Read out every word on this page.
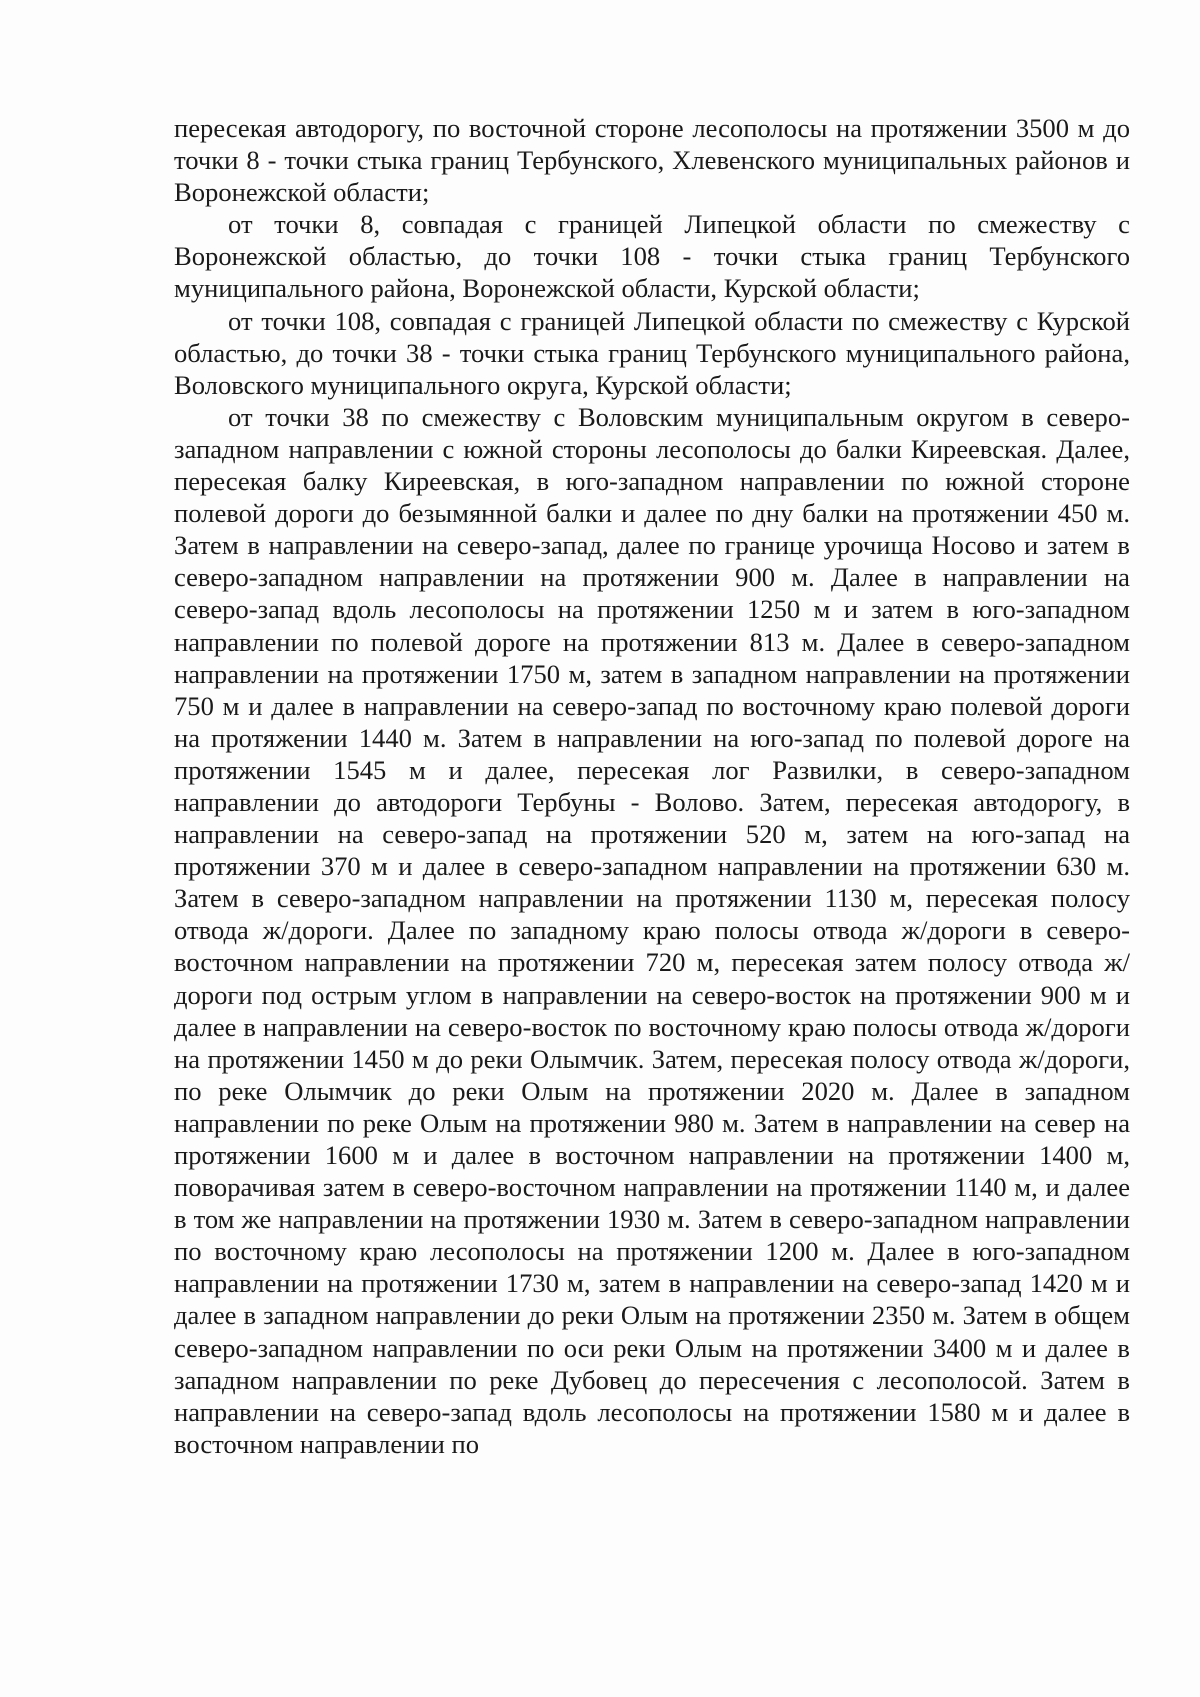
пересекая автодорогу, по восточной стороне лесополосы на протяжении 3500 м до точки 8 - точки стыка границ Тербунского, Хлевенского муниципальных районов и Воронежской области;

от точки 8, совпадая с границей Липецкой области по смежеству с Воронежской областью, до точки 108 - точки стыка границ Тербунского муниципального района, Воронежской области, Курской области;

от точки 108, совпадая с границей Липецкой области по смежеству с Курской областью, до точки 38 - точки стыка границ Тербунского муниципального района, Воловского муниципального округа, Курской области;

от точки 38 по смежеству с Воловским муниципальным округом в северо-западном направлении с южной стороны лесополосы до балки Киреевская. Далее, пересекая балку Киреевская, в юго-западном направлении по южной стороне полевой дороги до безымянной балки и далее по дну балки на протяжении 450 м. Затем в направлении на северо-запад, далее по границе урочища Носово и затем в северо-западном направлении на протяжении 900 м. Далее в направлении на северо-запад вдоль лесополосы на протяжении 1250 м и затем в юго-западном направлении по полевой дороге на протяжении 813 м. Далее в северо-западном направлении на протяжении 1750 м, затем в западном направлении на протяжении 750 м и далее в направлении на северо-запад по восточному краю полевой дороги на протяжении 1440 м. Затем в направлении на юго-запад по полевой дороге на протяжении 1545 м и далее, пересекая лог Развилки, в северо-западном направлении до автодороги Тербуны - Волово. Затем, пересекая автодорогу, в направлении на северо-запад на протяжении 520 м, затем на юго-запад на протяжении 370 м и далее в северо-западном направлении на протяжении 630 м. Затем в северо-западном направлении на протяжении 1130 м, пересекая полосу отвода ж/дороги. Далее по западному краю полосы отвода ж/дороги в северо-восточном направлении на протяжении 720 м, пересекая затем полосу отвода ж/дороги под острым углом в направлении на северо-восток на протяжении 900 м и далее в направлении на северо-восток по восточному краю полосы отвода ж/дороги на протяжении 1450 м до реки Олымчик. Затем, пересекая полосу отвода ж/дороги, по реке Олымчик до реки Олым на протяжении 2020 м. Далее в западном направлении по реке Олым на протяжении 980 м. Затем в направлении на север на протяжении 1600 м и далее в восточном направлении на протяжении 1400 м, поворачивая затем в северо-восточном направлении на протяжении 1140 м, и далее в том же направлении на протяжении 1930 м. Затем в северо-западном направлении по восточному краю лесополосы на протяжении 1200 м. Далее в юго-западном направлении на протяжении 1730 м, затем в направлении на северо-запад 1420 м и далее в западном направлении до реки Олым на протяжении 2350 м. Затем в общем северо-западном направлении по оси реки Олым на протяжении 3400 м и далее в западном направлении по реке Дубовец до пересечения с лесополосой. Затем в направлении на северо-запад вдоль лесополосы на протяжении 1580 м и далее в восточном направлении по
